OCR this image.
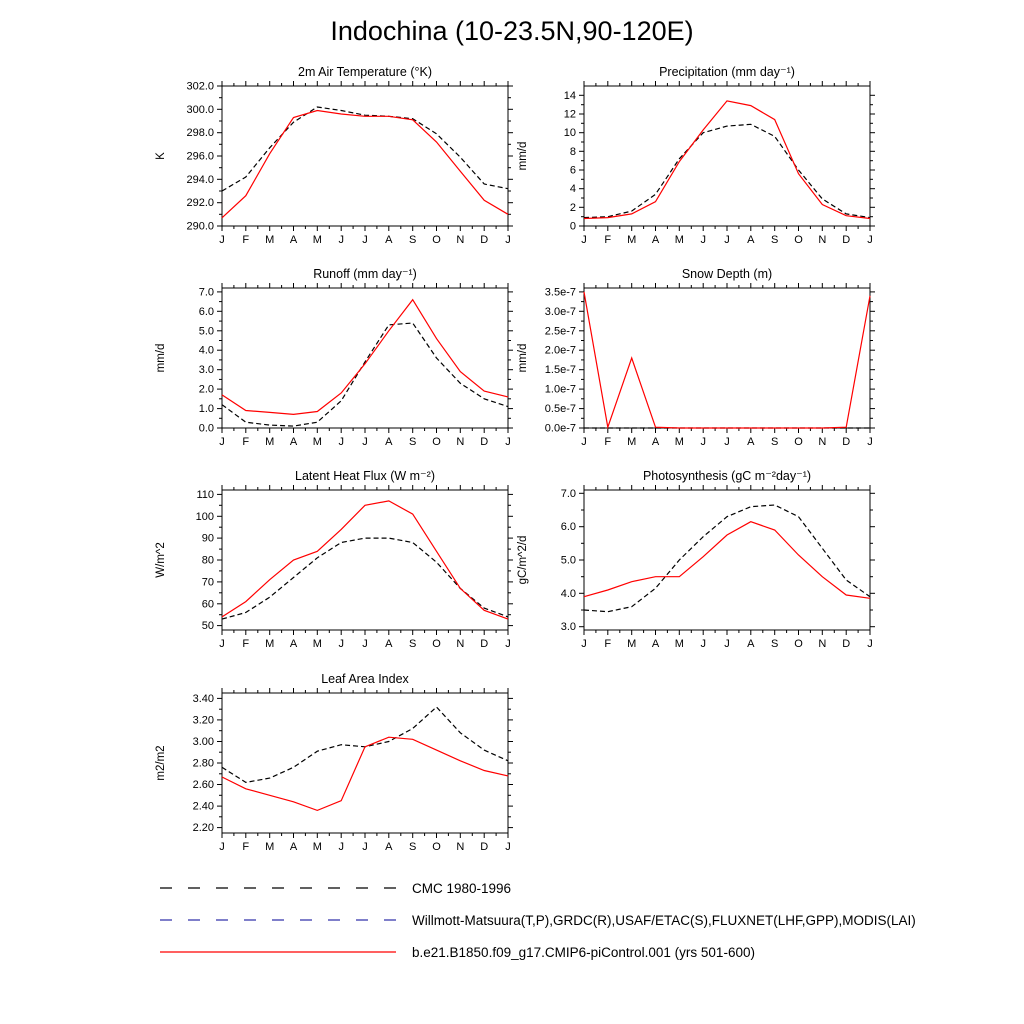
Indochina (10-23.5N,90-120E)
290.0
292.0
294.0
296.0
298.0
300.0
302.0
J F M A M J J A S O N D J
2m Air Temperature (°K)
K
0
2
4
6
8
10
12
14
J F M A M J J A S O N D J
Precipitation (mm day⁻¹)
mm/d
0.0
1.0
2.0
3.0
4.0
5.0
6.0
7.0
J F M A M J J A S O N D J
Runoff (mm day⁻¹)
mm/d
0.0e-7
0.5e-7
1.0e-7
1.5e-7
2.0e-7
2.5e-7
3.0e-7
3.5e-7
J F M A M J J A S O N D J
Snow Depth (m)
mm/d
50
60
70
80
90
100
110
J F M A M J J A S O N D J
Latent Heat Flux (W m⁻²)
W/m^2
3.0
4.0
5.0
6.0
7.0
J F M A M J J A S O N D J
Photosynthesis (gC m⁻²day⁻¹)
gC/m^2/d
2.20
2.40
2.60
2.80
3.00
3.20
3.40
J F M A M J J A S O N D J
Leaf Area Index
m2/m2
CMC 1980-1996
Willmott-Matsuura(T,P),GRDC(R),USAF/ETAC(S),FLUXNET(LHF,GPP),MODIS(LAI)
b.e21.B1850.f09_g17.CMIP6-piControl.001 (yrs 501-600)
